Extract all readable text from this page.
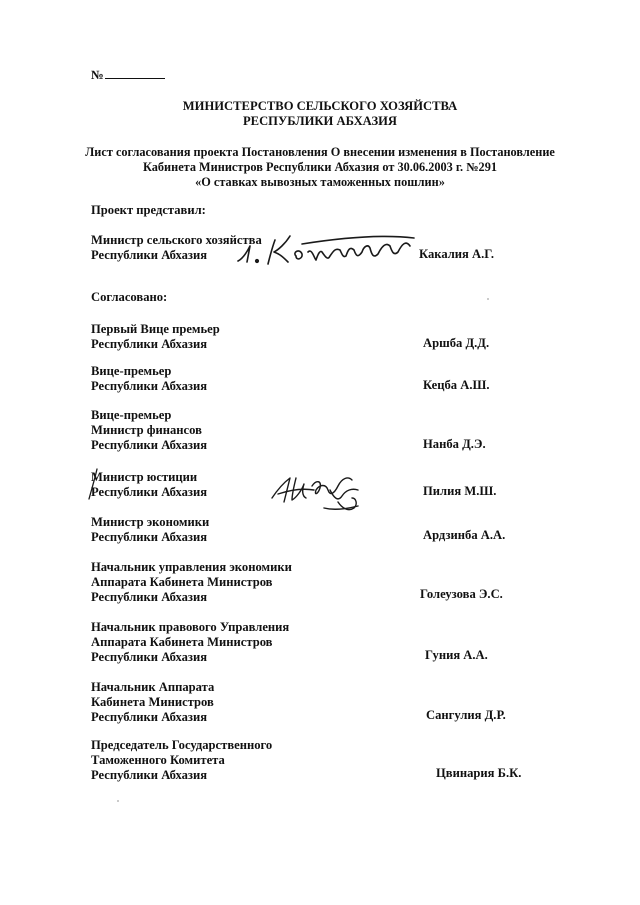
№
МИНИСТЕРСТВО СЕЛЬСКОГО ХОЗЯЙСТВА
РЕСПУБЛИКИ АБХАЗИЯ
Лист согласования проекта Постановления О внесении изменения в Постановление
Кабинета Министров Республики Абхазия от 30.06.2003 г. №291
«О ставках вывозных таможенных пошлин»
Проект представил:
Министр сельского хозяйства
Республики Абхазия	Какалия А.Г.
Согласовано:
Первый Вице премьер
Республики Абхазия	Аршба Д.Д.
Вице-премьер
Республики Абхазия	Кецба А.Ш.
Вице-премьер
Министр финансов
Республики Абхазия	Нанба Д.Э.
Министр юстиции
Республики Абхазия	Пилия М.Ш.
Министр экономики
Республики Абхазия	Ардзинба А.А.
Начальник управления экономики
Аппарата Кабинета Министров
Республики Абхазия	Голеузова Э.С.
Начальник правового Управления
Аппарата Кабинета Министров
Республики Абхазия	Гуния А.А.
Начальник Аппарата
Кабинета Министров
Республики Абхазия	Сангулия Д.Р.
Председатель Государственного
Таможенного Комитета
Республики Абхазия	Цвинария Б.К.
